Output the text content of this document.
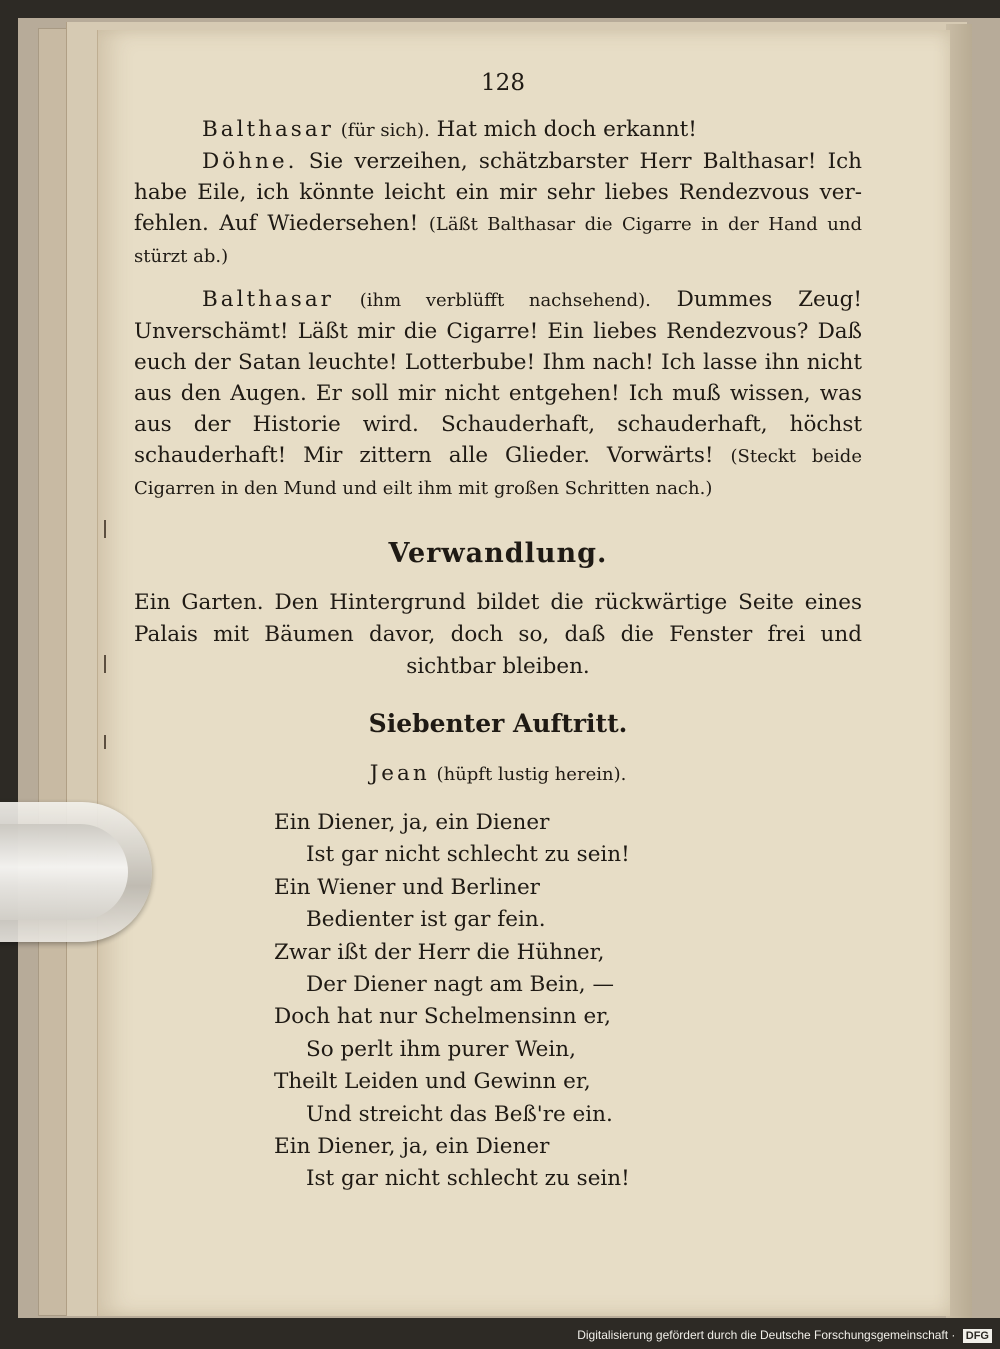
128

Balthasar (für sich). Hat mich doch erkannt!

Döhne. Sie verzeihen, schätzbarster Herr Balthasar! Ich habe Eile, ich könnte leicht ein mir sehr liebes Rendezvous ver-fehlen. Auf Wiedersehen! (Läßt Balthasar die Cigarre in der Hand und stürzt ab.)

Balthasar (ihm verblüfft nachsehend). Dummes Zeug! Unverschämt! Läßt mir die Cigarre! Ein liebes Rendezvous? Daß euch der Satan leuchte! Lotterbube! Ihm nach! Ich lasse ihn nicht aus den Augen. Er soll mir nicht entgehen! Ich muß wissen, was aus der Historie wird. Schauderhaft, schauderhaft, höchst schauderhaft! Mir zittern alle Glieder. Vorwärts! (Steckt beide Cigarren in den Mund und eilt ihm mit großen Schritten nach.)

Verwandlung.

Ein Garten. Den Hintergrund bildet die rückwärtige Seite eines Palais mit Bäumen davor, doch so, daß die Fenster frei und sichtbar bleiben.

Siebenter Auftritt.
Jean (hüpft lustig herein).
Ein Diener, ja, ein Diener
Ist gar nicht schlecht zu sein!
Ein Wiener und Berliner
Bedienter ist gar fein.
Zwar ißt der Herr die Hühner,
Der Diener nagt am Bein, —
Doch hat nur Schelmensinn er,
So perlt ihm purer Wein,
Theilt Leiden und Gewinn er,
Und streicht das Beß're ein.
Ein Diener, ja, ein Diener
Ist gar nicht schlecht zu sein!
Digitalisierung gefördert durch die Deutsche Forschungsgemeinschaft · DFG
